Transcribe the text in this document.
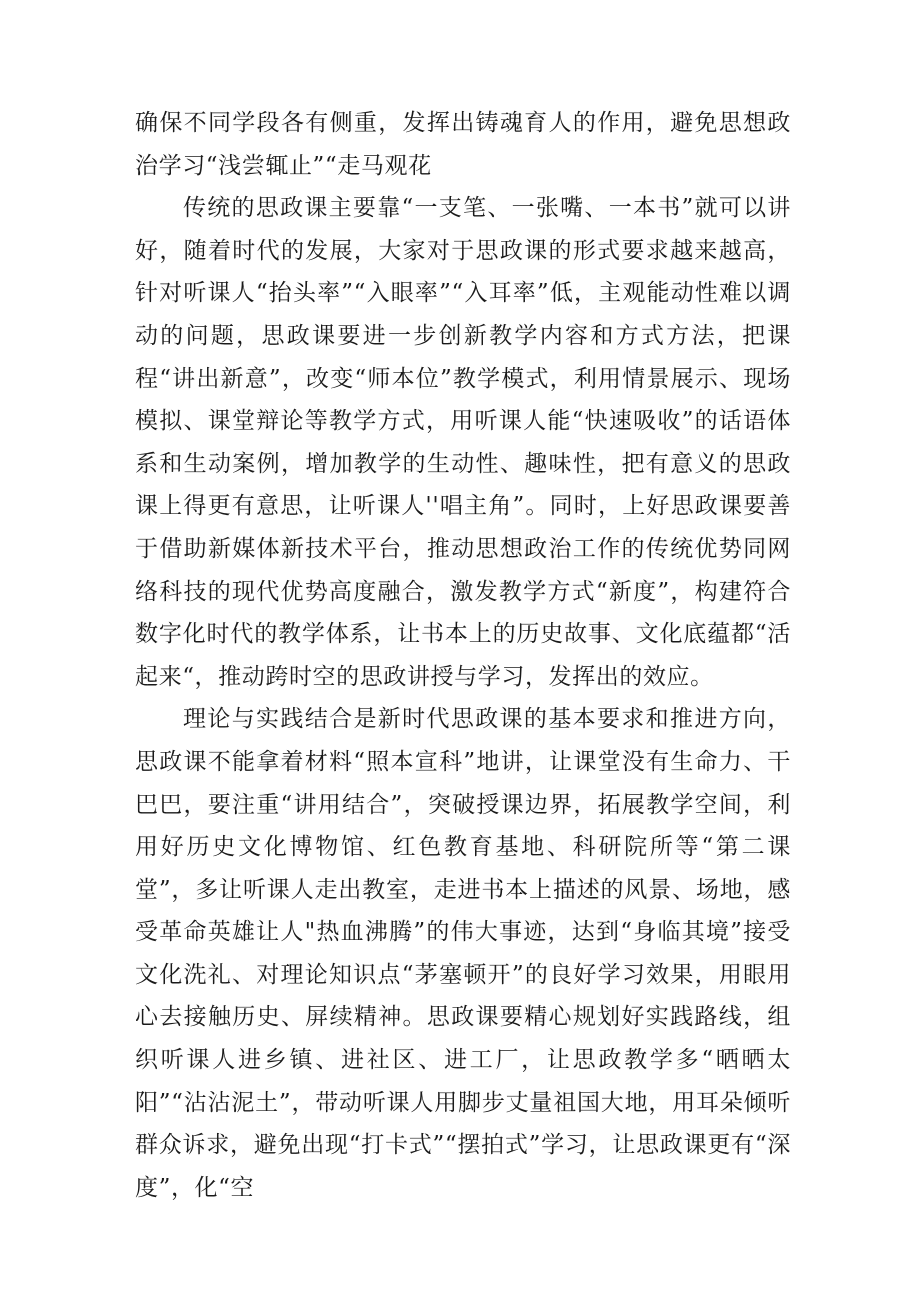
确保不同学段各有侧重，发挥出铸魂育人的作用，避免思想政治学习“浅尝辄止”“走马观花

传统的思政课主要靠“一支笔、一张嘴、一本书”就可以讲好，随着时代的发展，大家对于思政课的形式要求越来越高，针对听课人“抬头率”“入眼率”“入耳率”低，主观能动性难以调动的问题，思政课要进一步创新教学内容和方式方法，把课程“讲出新意”，改变“师本位”教学模式，利用情景展示、现场模拟、课堂辩论等教学方式，用听课人能“快速吸收”的话语体系和生动案例，增加教学的生动性、趣味性，把有意义的思政课上得更有意思，让听课人''唱主角”。同时，上好思政课要善于借助新媒体新技术平台，推动思想政治工作的传统优势同网络科技的现代优势高度融合，激发教学方式“新度”，构建符合数字化时代的教学体系，让书本上的历史故事、文化底蕴都“活起来“，推动跨时空的思政讲授与学习，发挥出的效应。

理论与实践结合是新时代思政课的基本要求和推进方向，思政课不能拿着材料“照本宣科”地讲，让课堂没有生命力、干巴巴，要注重“讲用结合”，突破授课边界，拓展教学空间，利用好历史文化博物馆、红色教育基地、科研院所等“第二课堂”，多让听课人走出教室，走进书本上描述的风景、场地，感受革命英雄让人"热血沸腾”的伟大事迹，达到“身临其境”接受文化洗礼、对理论知识点“茅塞顿开”的良好学习效果，用眼用心去接触历史、屏续精神。思政课要精心规划好实践路线，组织听课人进乡镇、进社区、进工厂，让思政教学多“晒晒太阳”“沾沾泥土”，带动听课人用脚步丈量祖国大地，用耳朵倾听群众诉求，避免出现“打卡式”“摆拍式”学习，让思政课更有“深度”，化“空
